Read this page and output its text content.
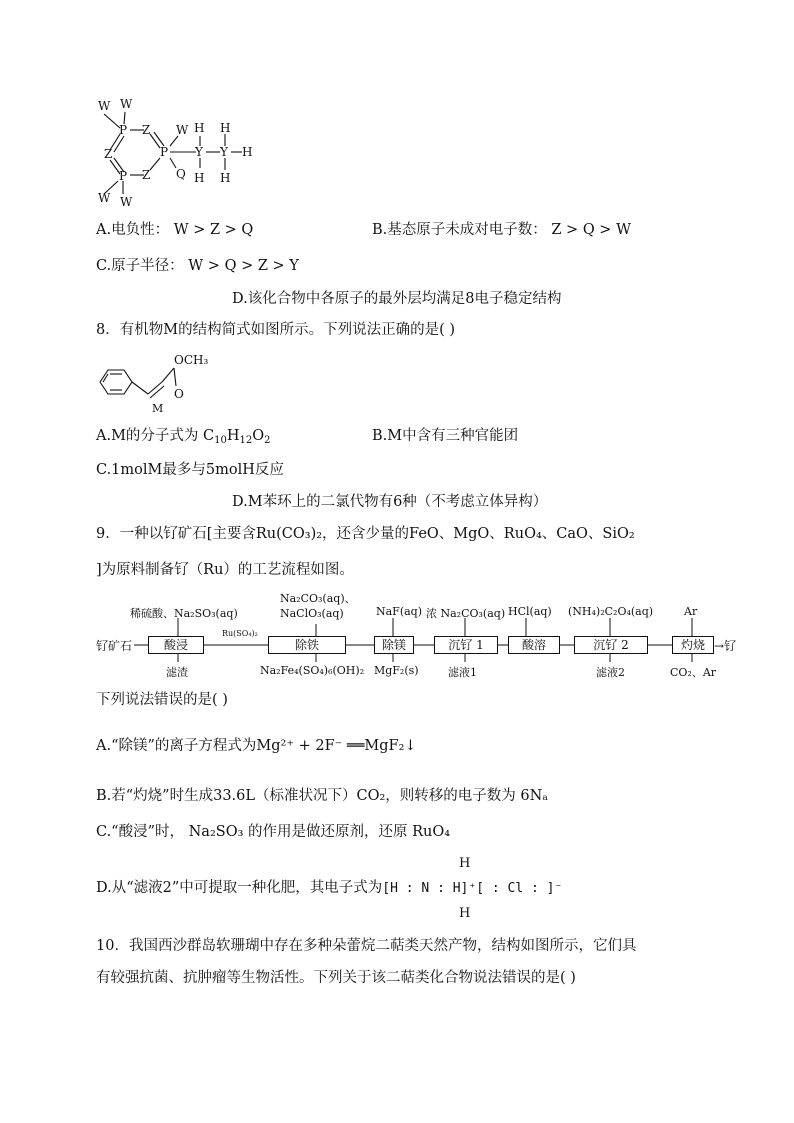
W W
P Z
Z	P
W H H
Y Y H
Q H H
P Z
W W
A.电负性： W > Z > Q	B.基态原子未成对电子数： Z > Q > W
C.原子半径： W > Q > Z > Y
D.该化合物中各原子的最外层均满足8电子稳定结构
8．有机物M的结构简式如图所示。下列说法正确的是( )
OCH₃
O
M
A.M的分子式为 $C_{10}H_{12}O_2$	B.M中含有三种官能团
C.1molM最多与5molH反应
D.M苯环上的二氯代物有6种（不考虑立体异构）
9．一种以钌矿石[主要含Ru(CO₃)₂，还含少量的FeO、MgO、RuO₄、CaO、SiO₂
]为原料制备钌（Ru）的工艺流程如图。
钌矿石	→钌
酸浸	除铁	除镁	沉钌 1	酸溶	沉钌 2	灼烧
稀硫酸、Na₂SO₃(aq)
Na₂CO₃(aq)、
NaClO₃(aq)	NaF(aq) 浓 Na₂CO₃(aq) HCl(aq) (NH₄)₂C₂O₄(aq)	Ar
Ru(SO₄)₂
滤渣	Na₂Fe₄(SO₄)₆(OH)₂ MgF₂(s)	滤液1	滤液2	CO₂、Ar
下列说法错误的是( )
A.“除镁”的离子方程式为Mg²⁺ + 2F⁻ ══MgF₂↓
B.若“灼烧”时生成33.6L（标准状况下）CO₂，则转移的电子数为 6Nₐ
C.“酸浸”时， Na₂SO₃ 的作用是做还原剂，还原 RuO₄
D.从“滤液2”中可提取一种化肥，其电子式为[H : N : H]⁺[ : Cl : ]⁻
H
H
10．我国西沙群岛软珊瑚中存在多种朵蕾烷二萜类天然产物，结构如图所示，它们具
有较强抗菌、抗肿瘤等生物活性。下列关于该二萜类化合物说法错误的是( )
